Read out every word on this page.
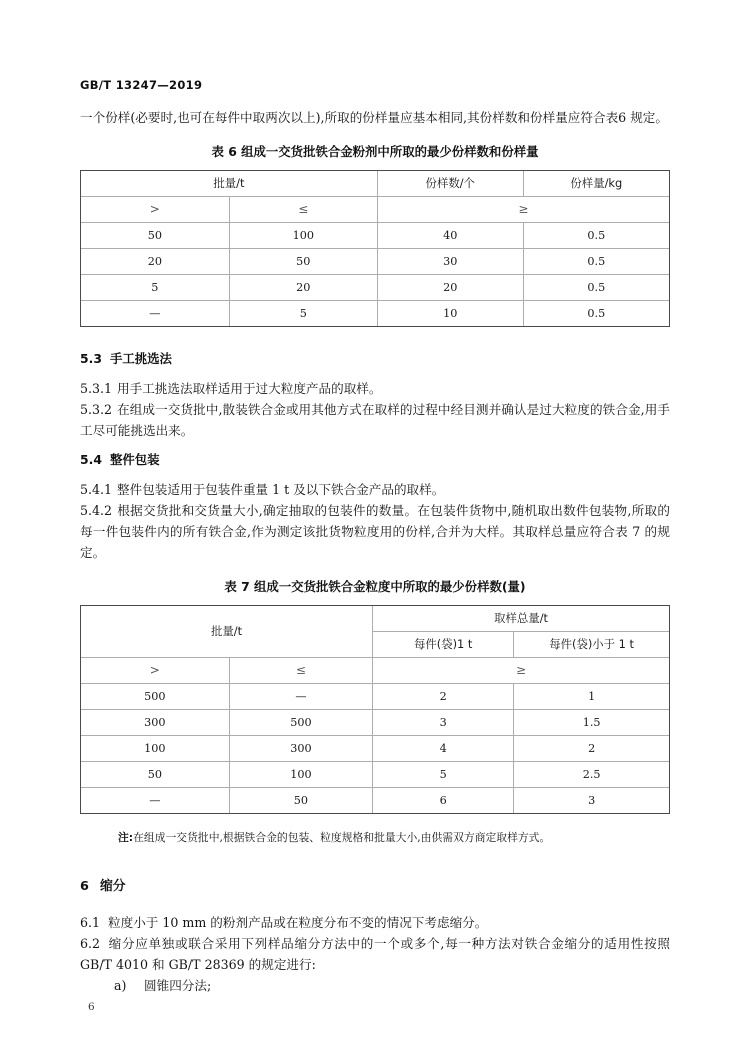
GB/T 13247—2019

一个份样(必要时,也可在每件中取两次以上),所取的份样量应基本相同,其份样数和份样量应符合表6 规定。

表 6 组成一交货批铁合金粉剂中所取的最少份样数和份样量
批量/t		份样数/个	份样量/kg
>	≤	≥	
50	100	40	0.5
20	50	30	0.5
5	20	20	0.5
—	5	10	0.5
5.3 手工挑选法

5.3.1 用手工挑选法取样适用于过大粒度产品的取样。

5.3.2 在组成一交货批中,散装铁合金或用其他方式在取样的过程中经目测并确认是过大粒度的铁合金,用手工尽可能挑选出来。

5.4 整件包装

5.4.1 整件包装适用于包装件重量 1 t 及以下铁合金产品的取样。

5.4.2 根据交货批和交货量大小,确定抽取的包装件的数量。在包装件货物中,随机取出数件包装物,所取的每一件包装件内的所有铁合金,作为测定该批货物粒度用的份样,合并为大样。其取样总量应符合表 7 的规定。

表 7 组成一交货批铁合金粒度中所取的最少份样数(量)
批量/t		取样总量/t	
		每件(袋)1 t	每件(袋)小于 1 t
>	≤	≥	
500	—	2	1
300	500	3	1.5
100	300	4	2
50	100	5	2.5
—	50	6	3

注:在组成一交货批中,根据铁合金的包装、粒度规格和批量大小,由供需双方商定取样方式。

6 缩分

6.1 粒度小于 10 mm 的粉剂产品或在粒度分布不变的情况下考虑缩分。

6.2 缩分应单独或联合采用下列样品缩分方法中的一个或多个,每一种方法对铁合金缩分的适用性按照 GB/T 4010 和 GB/T 28369 的规定进行:

a) 圆锥四分法;

6
